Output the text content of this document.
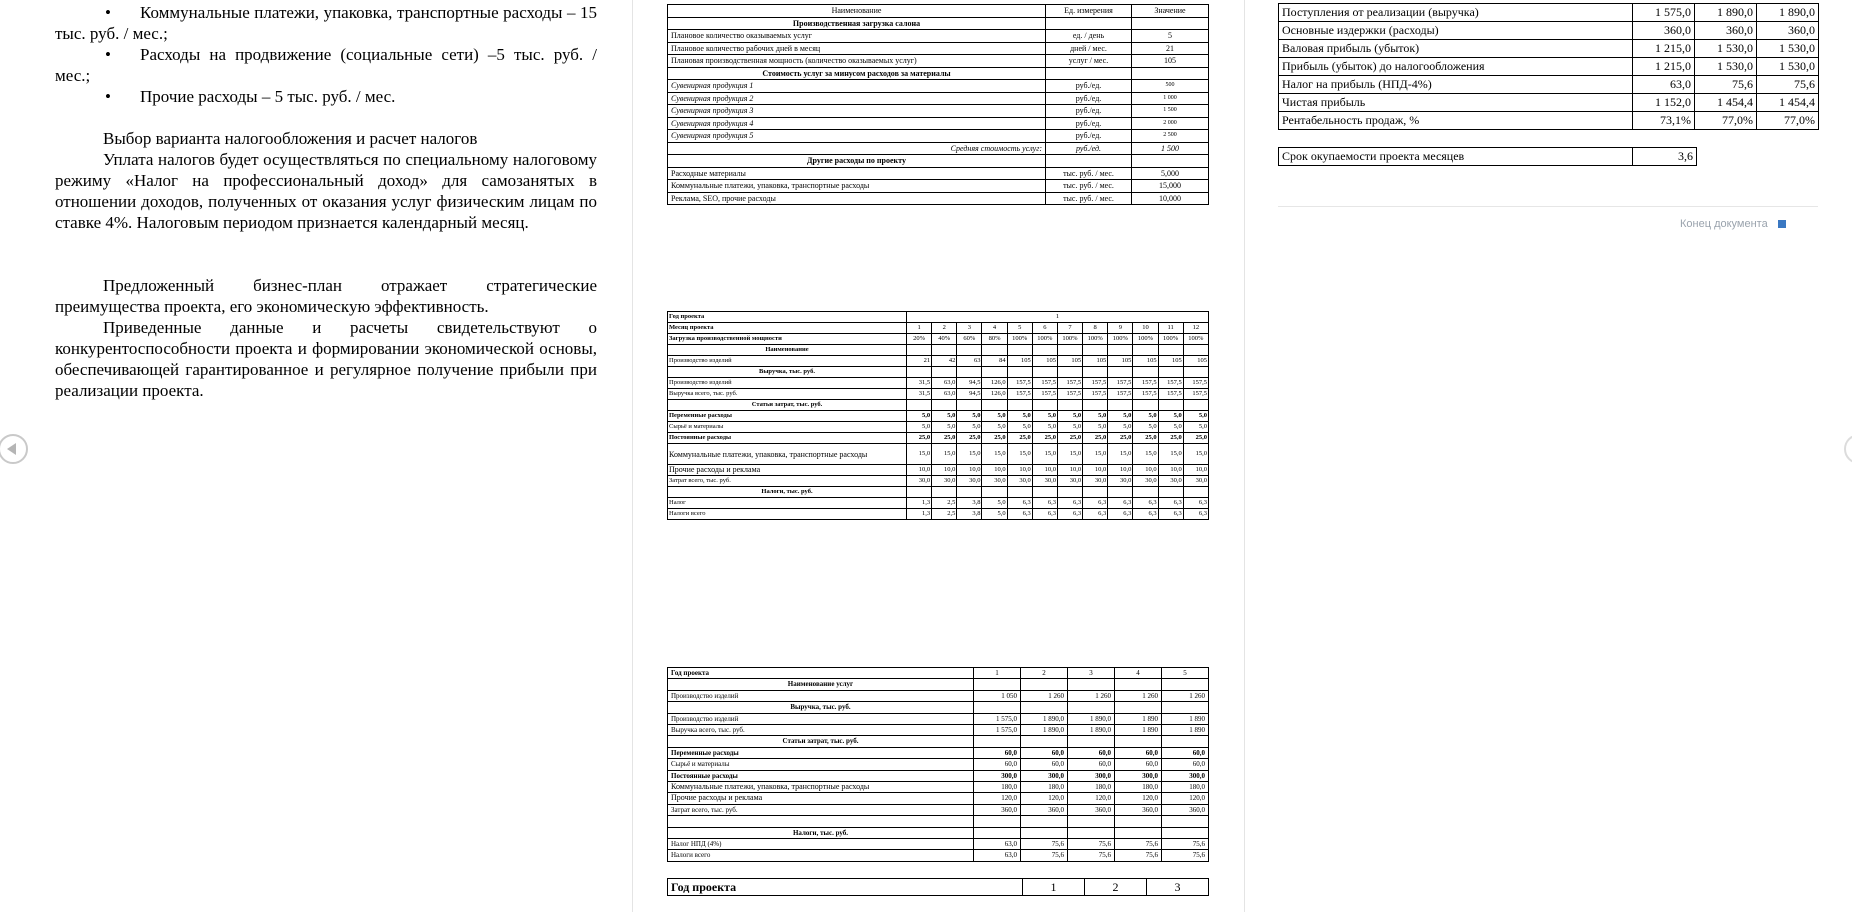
• Коммунальные платежи, упаковка, транспортные расходы – 15 тыс. руб. / мес.;

• Расходы на продвижение (социальные сети) –5 тыс. руб. / мес.;

• Прочие расходы – 5 тыс. руб. / мес.

Выбор варианта налогообложения и расчет налогов

Уплата налогов будет осуществляться по специальному налоговому режиму «Налог на профессиональный доход» для самозанятых в отношении доходов, полученных от оказания услуг физическим лицам по ставке 4%. Налоговым периодом признается календарный месяц.

Предложенный бизнес-план отражает стратегические преимущества проекта, его экономическую эффективность.

Приведенные данные и расчеты свидетельствуют о конкурентоспособности проекта и формировании экономической основы, обеспечивающей гарантированное и регулярное получение прибыли при реализации проекта.

Наименование	Ед. измерения	Значение
Производственная загрузка салона		
Плановое количество оказываемых услуг	ед. / день	5
Плановое количество рабочих дней в месяц	дней / мес.	21
Плановая производственная мощность (количество оказываемых услуг)	услуг / мес.	105
Стоимость услуг за минусом расходов за материалы		
Сувенирная продукция 1	руб./ед.	500
Сувенирная продукция 2	руб./ед.	1 000
Сувенирная продукция 3	руб./ед.	1 500
Сувенирная продукция 4	руб./ед.	2 000
Сувенирная продукция 5	руб./ед.	2 500
Средняя стоимость услуг:	руб./ед.	1 500
Другие расходы по проекту		
Расходные материалы	тыс. руб. / мес.	5,000
Коммунальные платежи, упаковка, транспортные расходы	тыс. руб. / мес.	15,000
Реклама, SEO, прочие расходы	тыс. руб. / мес.	10,000
Год проекта	1											
Месяц проекта	1	2	3	4	5	6	7	8	9	10	11	12
Загрузка производственной мощности	20%	40%	60%	80%	100%	100%	100%	100%	100%	100%	100%	100%
Наименование												
Производство изделий	21	42	63	84	105	105	105	105	105	105	105	105
Выручка, тыс. руб.												
Производство изделий	31,5	63,0	94,5	126,0	157,5	157,5	157,5	157,5	157,5	157,5	157,5	157,5
Выручка всего, тыс. руб.	31,5	63,0	94,5	126,0	157,5	157,5	157,5	157,5	157,5	157,5	157,5	157,5
Статьи затрат, тыс. руб.												
Переменные расходы	5,0	5,0	5,0	5,0	5,0	5,0	5,0	5,0	5,0	5,0	5,0	5,0
Сырьё и материалы	5,0	5,0	5,0	5,0	5,0	5,0	5,0	5,0	5,0	5,0	5,0	5,0
Постоянные расходы	25,0	25,0	25,0	25,0	25,0	25,0	25,0	25,0	25,0	25,0	25,0	25,0
Коммунальные платежи, упаковка, транспортные расходы	15,0	15,0	15,0	15,0	15,0	15,0	15,0	15,0	15,0	15,0	15,0	15,0
Прочие расходы и реклама	10,0	10,0	10,0	10,0	10,0	10,0	10,0	10,0	10,0	10,0	10,0	10,0
Затрат всего, тыс. руб.	30,0	30,0	30,0	30,0	30,0	30,0	30,0	30,0	30,0	30,0	30,0	30,0
Налоги, тыс. руб.												
Налог	1,3	2,5	3,8	5,0	6,3	6,3	6,3	6,3	6,3	6,3	6,3	6,3
Налоги всего	1,3	2,5	3,8	5,0	6,3	6,3	6,3	6,3	6,3	6,3	6,3	6,3
Год проекта	1	2	3	4	5
Наименование услуг					
Производство изделий	1 050	1 260	1 260	1 260	1 260
Выручка, тыс. руб.					
Производство изделий	1 575,0	1 890,0	1 890,0	1 890	1 890
Выручка всего, тыс. руб.	1 575,0	1 890,0	1 890,0	1 890	1 890
Статьи затрат, тыс. руб.					
Переменные расходы	60,0	60,0	60,0	60,0	60,0
Сырьё и материалы	60,0	60,0	60,0	60,0	60,0
Постоянные расходы	300,0	300,0	300,0	300,0	300,0
Коммунальные платежи, упаковка, транспортные расходы	180,0	180,0	180,0	180,0	180,0
Прочие расходы и реклама	120,0	120,0	120,0	120,0	120,0
Затрат всего, тыс. руб.	360,0	360,0	360,0	360,0	360,0

Налоги, тыс. руб.					
Налог НПД (4%)	63,0	75,6	75,6	75,6	75,6
Налоги всего	63,0	75,6	75,6	75,6	75,6
Год проекта	1	2	3
Поступления от реализации (выручка)	1 575,0	1 890,0	1 890,0
Основные издержки (расходы)	360,0	360,0	360,0
Валовая прибыль (убыток)	1 215,0	1 530,0	1 530,0
Прибыль (убыток) до налогообложения	1 215,0	1 530,0	1 530,0
Налог на прибыль (НПД-4%)	63,0	75,6	75,6
Чистая прибыль	1 152,0	1 454,4	1 454,4
Рентабельность продаж, %	73,1%	77,0%	77,0%
Срок окупаемости проекта месяцев	3,6
Конец документа
